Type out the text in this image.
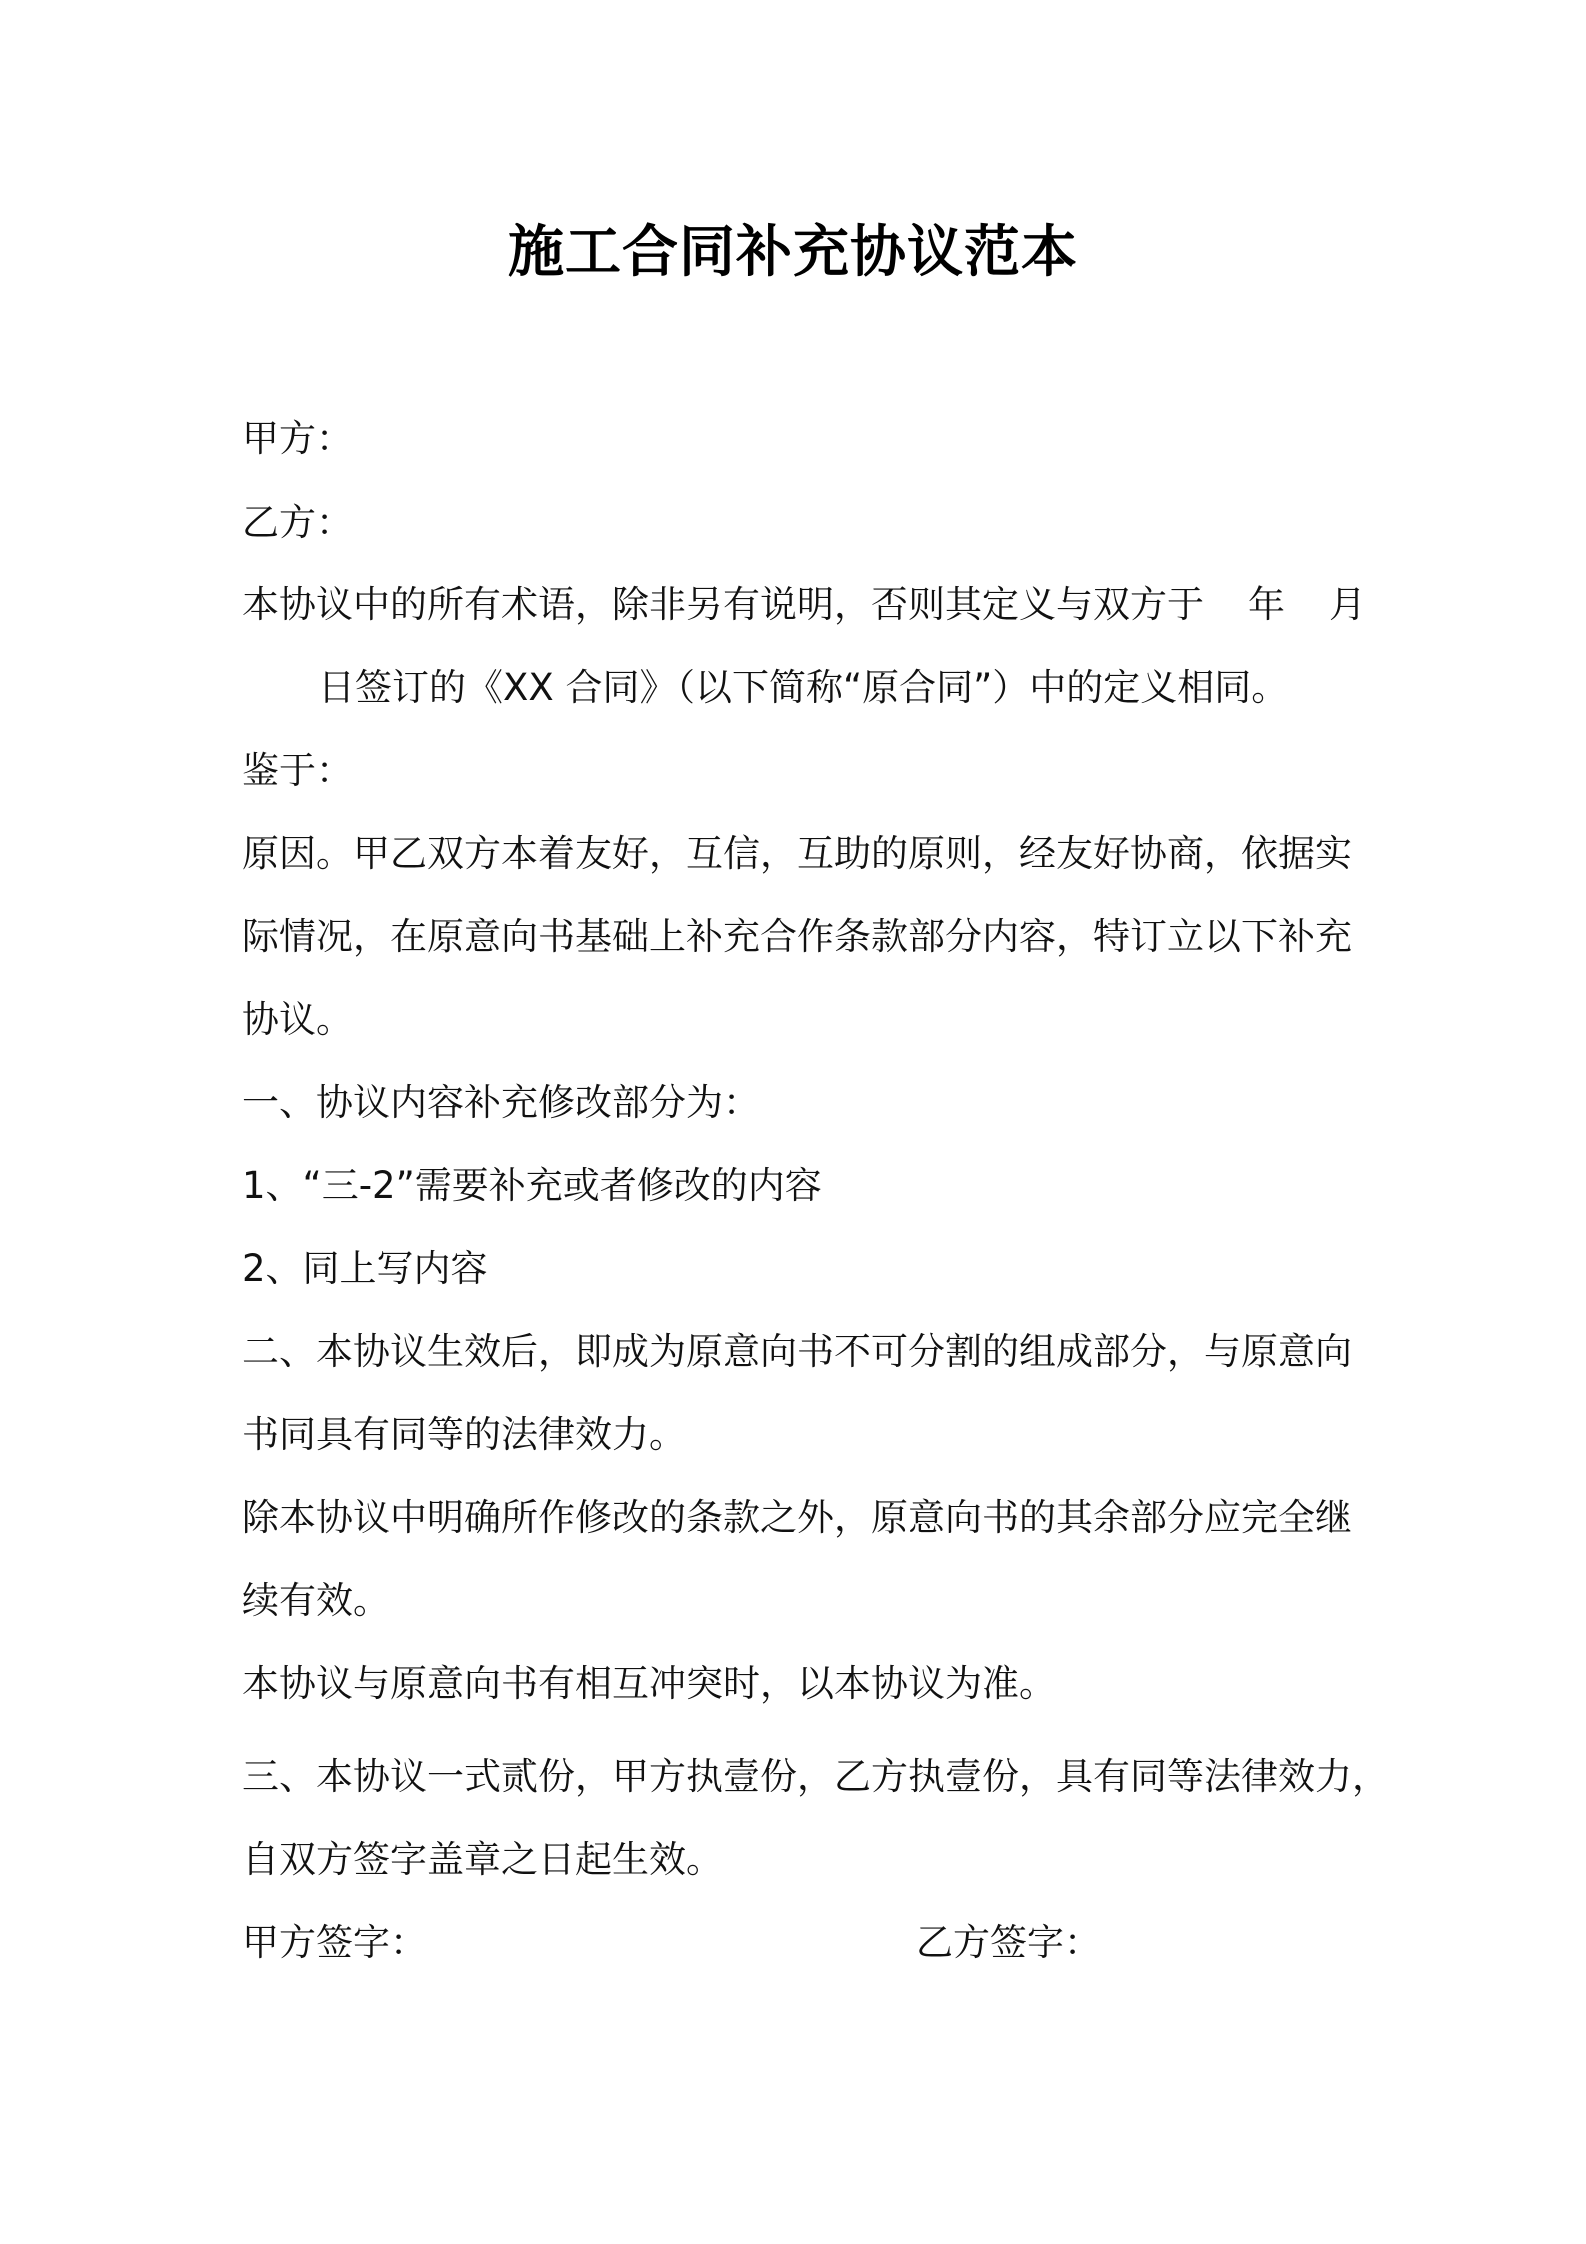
施工合同补充协议范本
甲方：
乙方：
本协议中的所有术语，除非另有说明，否则其定义与双方于 年 月
日签订的《XX 合同》（以下简称“原合同”）中的定义相同。
鉴于：
原因。甲乙双方本着友好，互信，互助的原则，经友好协商，依据实
际情况，在原意向书基础上补充合作条款部分内容，特订立以下补充
协议。
一、协议内容补充修改部分为：
1、“三-2”需要补充或者修改的内容
2、同上写内容
二、本协议生效后，即成为原意向书不可分割的组成部分，与原意向
书同具有同等的法律效力。
除本协议中明确所作修改的条款之外，原意向书的其余部分应完全继
续有效。
本协议与原意向书有相互冲突时，以本协议为准。
三、本协议一式贰份，甲方执壹份，乙方执壹份，具有同等法律效力，
自双方签字盖章之日起生效。
甲方签字：	乙方签字：
